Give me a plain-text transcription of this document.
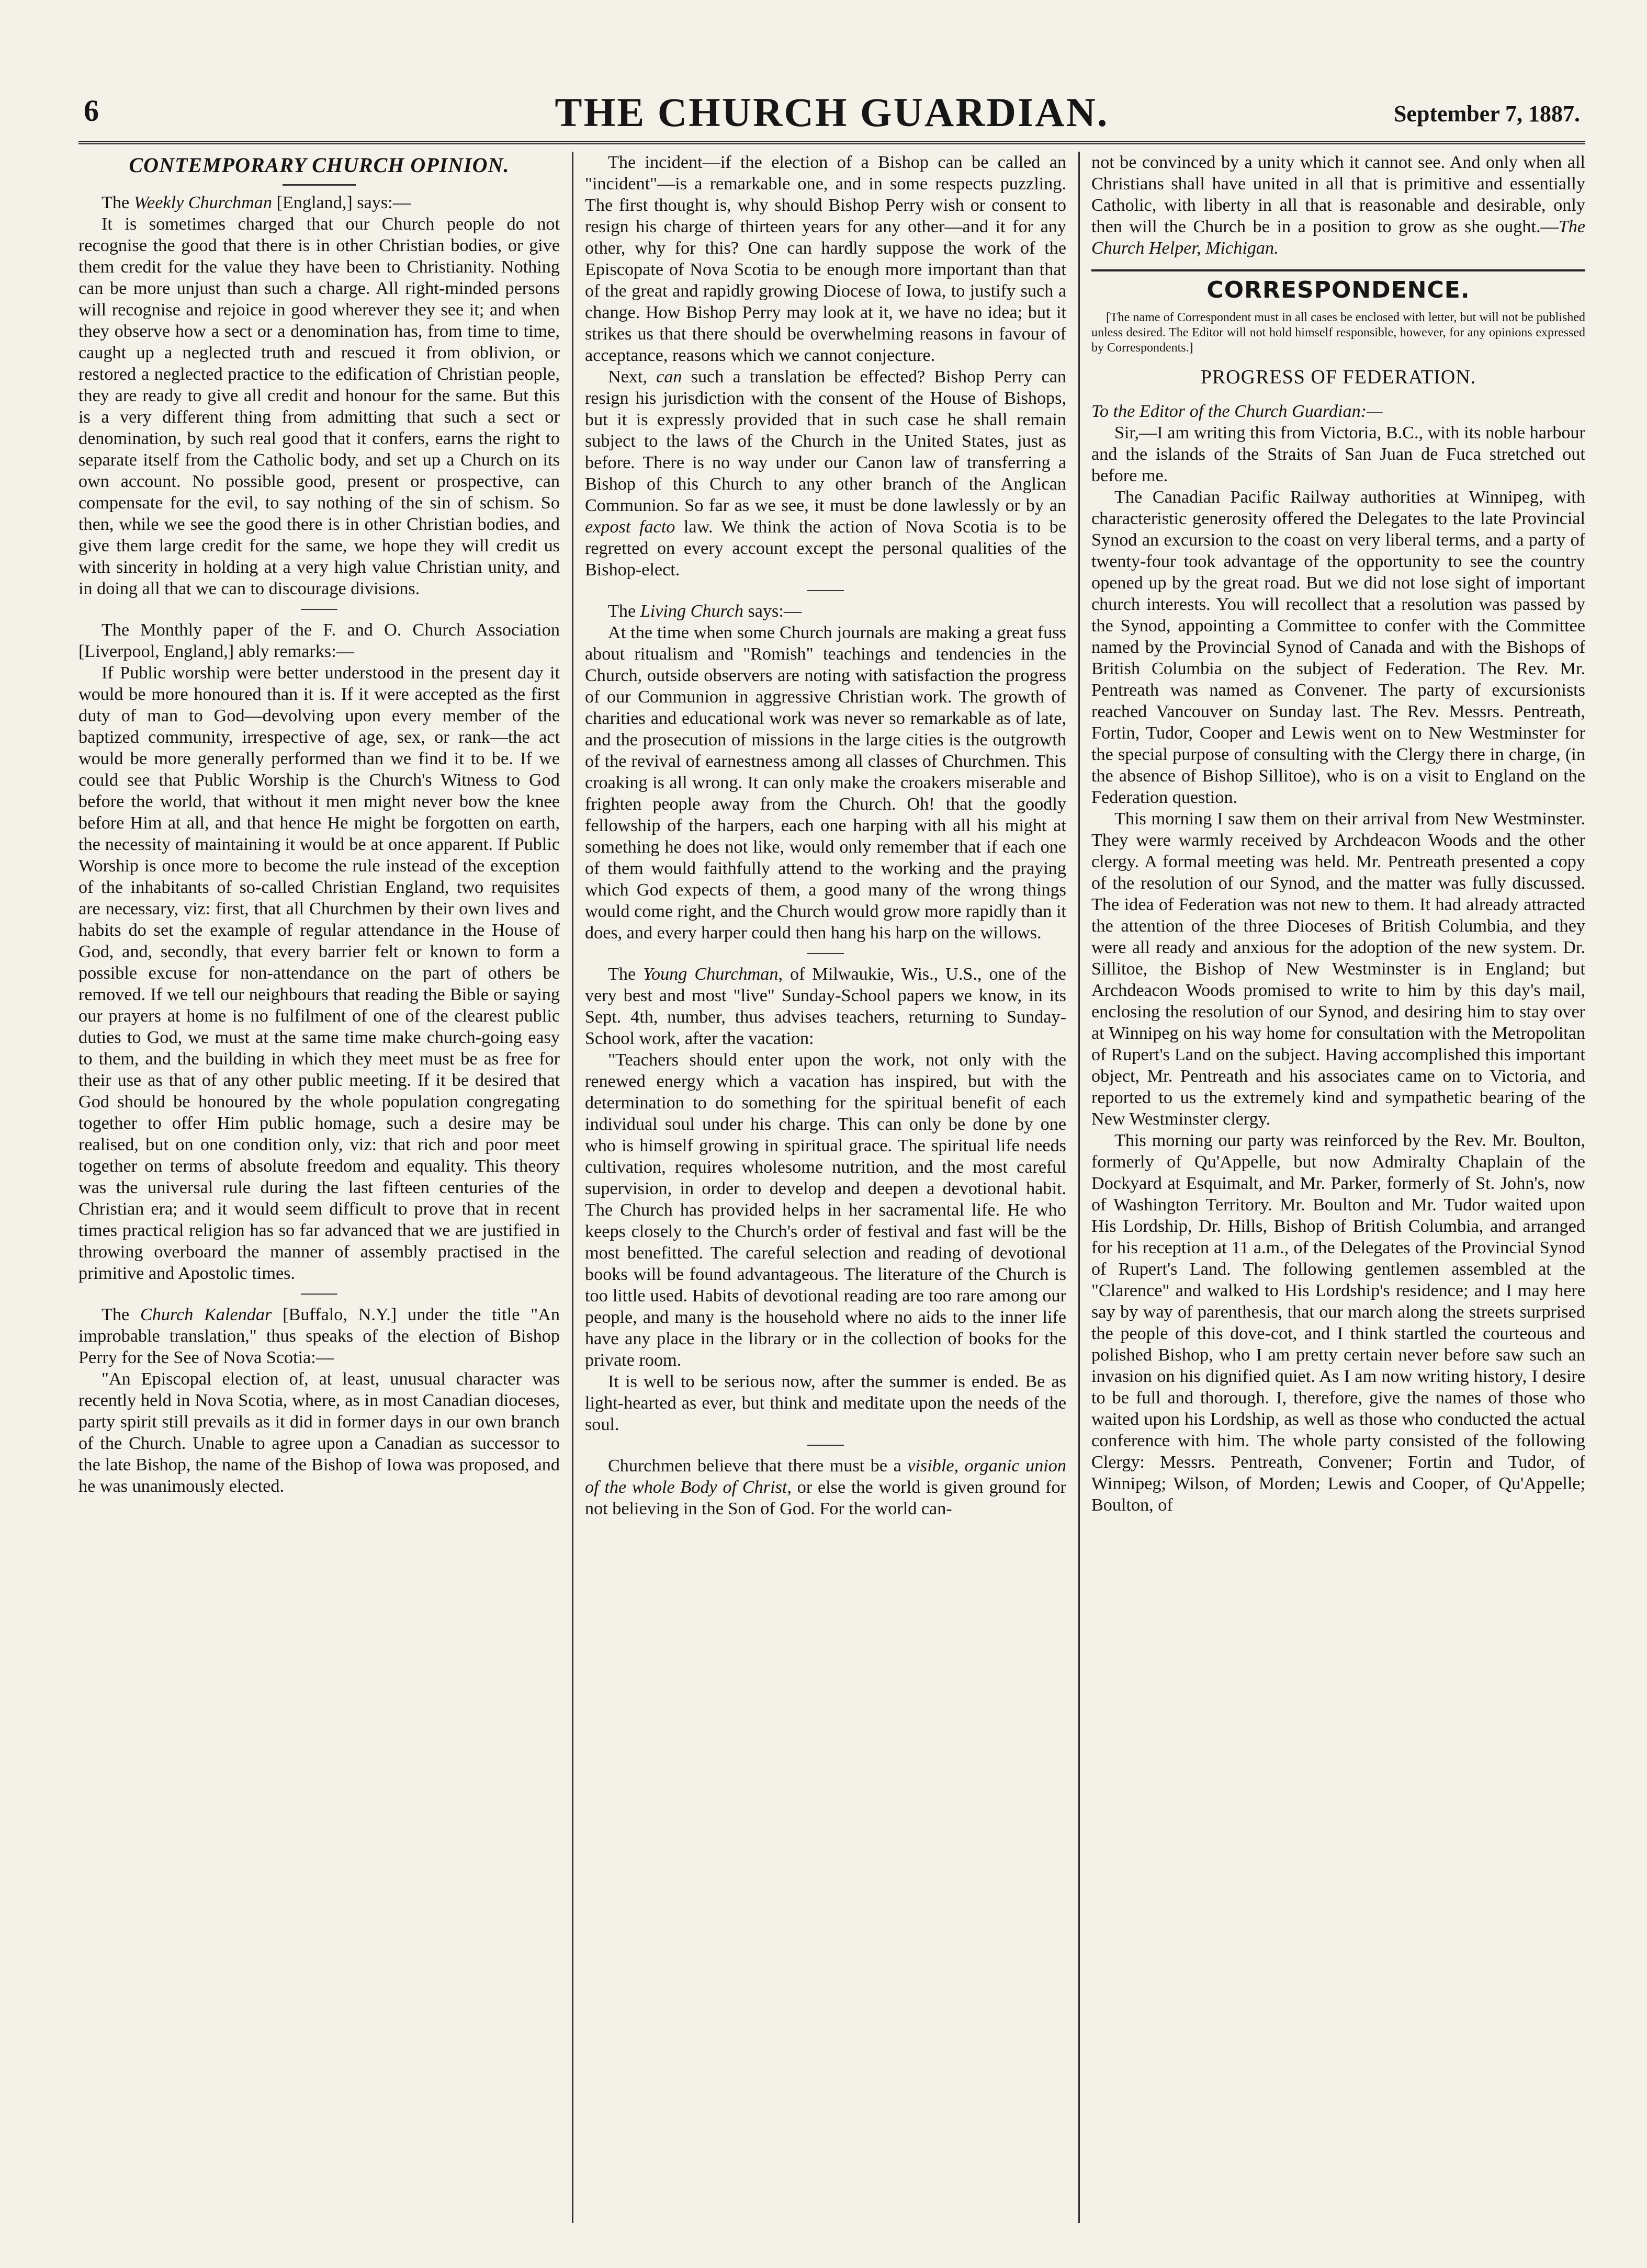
6	THE CHURCH GUARDIAN.	September 7, 1887.
CONTEMPORARY CHURCH OPINION.

The Weekly Churchman [England,] says:—

It is sometimes charged that our Church people do not recognise the good that there is in other Christian bodies, or give them credit for the value they have been to Christianity. Nothing can be more unjust than such a charge. All right-minded persons will recognise and rejoice in good wherever they see it; and when they observe how a sect or a denomination has, from time to time, caught up a neglected truth and rescued it from oblivion, or restored a neglected practice to the edification of Christian people, they are ready to give all credit and honour for the same. But this is a very different thing from admitting that such a sect or denomination, by such real good that it confers, earns the right to separate itself from the Catholic body, and set up a Church on its own account. No possible good, present or prospective, can compensate for the evil, to say nothing of the sin of schism. So then, while we see the good there is in other Christian bodies, and give them large credit for the same, we hope they will credit us with sincerity in holding at a very high value Christian unity, and in doing all that we can to discourage divisions.

The Monthly paper of the F. and O. Church Association [Liverpool, England,] ably remarks:—

If Public worship were better understood in the present day it would be more honoured than it is. If it were accepted as the first duty of man to God—devolving upon every member of the baptized community, irrespective of age, sex, or rank—the act would be more generally performed than we find it to be. If we could see that Public Worship is the Church's Witness to God before the world, that without it men might never bow the knee before Him at all, and that hence He might be forgotten on earth, the necessity of maintaining it would be at once apparent. If Public Worship is once more to become the rule instead of the exception of the inhabitants of so-called Christian England, two requisites are necessary, viz: first, that all Churchmen by their own lives and habits do set the example of regular attendance in the House of God, and, secondly, that every barrier felt or known to form a possible excuse for non-attendance on the part of others be removed. If we tell our neighbours that reading the Bible or saying our prayers at home is no fulfilment of one of the clearest public duties to God, we must at the same time make church-going easy to them, and the building in which they meet must be as free for their use as that of any other public meeting. If it be desired that God should be honoured by the whole population congregating together to offer Him public homage, such a desire may be realised, but on one condition only, viz: that rich and poor meet together on terms of absolute freedom and equality. This theory was the universal rule during the last fifteen centuries of the Christian era; and it would seem difficult to prove that in recent times practical religion has so far advanced that we are justified in throwing overboard the manner of assembly practised in the primitive and Apostolic times.

The Church Kalendar [Buffalo, N.Y.] under the title "An improbable translation," thus speaks of the election of Bishop Perry for the See of Nova Scotia:—

"An Episcopal election of, at least, unusual character was recently held in Nova Scotia, where, as in most Canadian dioceses, party spirit still prevails as it did in former days in our own branch of the Church. Unable to agree upon a Canadian as successor to the late Bishop, the name of the Bishop of Iowa was proposed, and he was unanimously elected.

The incident—if the election of a Bishop can be called an "incident"—is a remarkable one, and in some respects puzzling. The first thought is, why should Bishop Perry wish or consent to resign his charge of thirteen years for any other—and it for any other, why for this? One can hardly suppose the work of the Episcopate of Nova Scotia to be enough more important than that of the great and rapidly growing Diocese of Iowa, to justify such a change. How Bishop Perry may look at it, we have no idea; but it strikes us that there should be overwhelming reasons in favour of acceptance, reasons which we cannot conjecture.

Next, can such a translation be effected? Bishop Perry can resign his jurisdiction with the consent of the House of Bishops, but it is expressly provided that in such case he shall remain subject to the laws of the Church in the United States, just as before. There is no way under our Canon law of transferring a Bishop of this Church to any other branch of the Anglican Communion. So far as we see, it must be done lawlessly or by an expost facto law. We think the action of Nova Scotia is to be regretted on every account except the personal qualities of the Bishop-elect.

The Living Church says:—

At the time when some Church journals are making a great fuss about ritualism and "Romish" teachings and tendencies in the Church, outside observers are noting with satisfaction the progress of our Communion in aggressive Christian work. The growth of charities and educational work was never so remarkable as of late, and the prosecution of missions in the large cities is the outgrowth of the revival of earnestness among all classes of Churchmen. This croaking is all wrong. It can only make the croakers miserable and frighten people away from the Church. Oh! that the goodly fellowship of the harpers, each one harping with all his might at something he does not like, would only remember that if each one of them would faithfully attend to the working and the praying which God expects of them, a good many of the wrong things would come right, and the Church would grow more rapidly than it does, and every harper could then hang his harp on the willows.

The Young Churchman, of Milwaukie, Wis., U.S., one of the very best and most "live" Sunday-School papers we know, in its Sept. 4th, number, thus advises teachers, returning to Sunday-School work, after the vacation:

"Teachers should enter upon the work, not only with the renewed energy which a vacation has inspired, but with the determination to do something for the spiritual benefit of each individual soul under his charge. This can only be done by one who is himself growing in spiritual grace. The spiritual life needs cultivation, requires wholesome nutrition, and the most careful supervision, in order to develop and deepen a devotional habit. The Church has provided helps in her sacramental life. He who keeps closely to the Church's order of festival and fast will be the most benefitted. The careful selection and reading of devotional books will be found advantageous. The literature of the Church is too little used. Habits of devotional reading are too rare among our people, and many is the household where no aids to the inner life have any place in the library or in the collection of books for the private room.

It is well to be serious now, after the summer is ended. Be as light-hearted as ever, but think and meditate upon the needs of the soul.

Churchmen believe that there must be a visible, organic union of the whole Body of Christ, or else the world is given ground for not believing in the Son of God. For the world can-

not be convinced by a unity which it cannot see. And only when all Christians shall have united in all that is primitive and essentially Catholic, with liberty in all that is reasonable and desirable, only then will the Church be in a position to grow as she ought.—The Church Helper, Michigan.

CORRESPONDENCE.

[The name of Correspondent must in all cases be enclosed with letter, but will not be published unless desired. The Editor will not hold himself responsible, however, for any opinions expressed by Correspondents.]

PROGRESS OF FEDERATION.

To the Editor of the Church Guardian:—

Sir,—I am writing this from Victoria, B.C., with its noble harbour and the islands of the Straits of San Juan de Fuca stretched out before me.

The Canadian Pacific Railway authorities at Winnipeg, with characteristic generosity offered the Delegates to the late Provincial Synod an excursion to the coast on very liberal terms, and a party of twenty-four took advantage of the opportunity to see the country opened up by the great road. But we did not lose sight of important church interests. You will recollect that a resolution was passed by the Synod, appointing a Committee to confer with the Committee named by the Provincial Synod of Canada and with the Bishops of British Columbia on the subject of Federation. The Rev. Mr. Pentreath was named as Convener. The party of excursionists reached Vancouver on Sunday last. The Rev. Messrs. Pentreath, Fortin, Tudor, Cooper and Lewis went on to New Westminster for the special purpose of consulting with the Clergy there in charge, (in the absence of Bishop Sillitoe), who is on a visit to England on the Federation question.

This morning I saw them on their arrival from New Westminster. They were warmly received by Archdeacon Woods and the other clergy. A formal meeting was held. Mr. Pentreath presented a copy of the resolution of our Synod, and the matter was fully discussed. The idea of Federation was not new to them. It had already attracted the attention of the three Dioceses of British Columbia, and they were all ready and anxious for the adoption of the new system. Dr. Sillitoe, the Bishop of New Westminster is in England; but Archdeacon Woods promised to write to him by this day's mail, enclosing the resolution of our Synod, and desiring him to stay over at Winnipeg on his way home for consultation with the Metropolitan of Rupert's Land on the subject. Having accomplished this important object, Mr. Pentreath and his associates came on to Victoria, and reported to us the extremely kind and sympathetic bearing of the New Westminster clergy.

This morning our party was reinforced by the Rev. Mr. Boulton, formerly of Qu'Appelle, but now Admiralty Chaplain of the Dockyard at Esquimalt, and Mr. Parker, formerly of St. John's, now of Washington Territory. Mr. Boulton and Mr. Tudor waited upon His Lordship, Dr. Hills, Bishop of British Columbia, and arranged for his reception at 11 a.m., of the Delegates of the Provincial Synod of Rupert's Land. The following gentlemen assembled at the "Clarence" and walked to His Lordship's residence; and I may here say by way of parenthesis, that our march along the streets surprised the people of this dove-cot, and I think startled the courteous and polished Bishop, who I am pretty certain never before saw such an invasion on his dignified quiet. As I am now writing history, I desire to be full and thorough. I, therefore, give the names of those who waited upon his Lordship, as well as those who conducted the actual conference with him. The whole party consisted of the following Clergy: Messrs. Pentreath, Convener; Fortin and Tudor, of Winnipeg; Wilson, of Morden; Lewis and Cooper, of Qu'Appelle; Boulton, of
